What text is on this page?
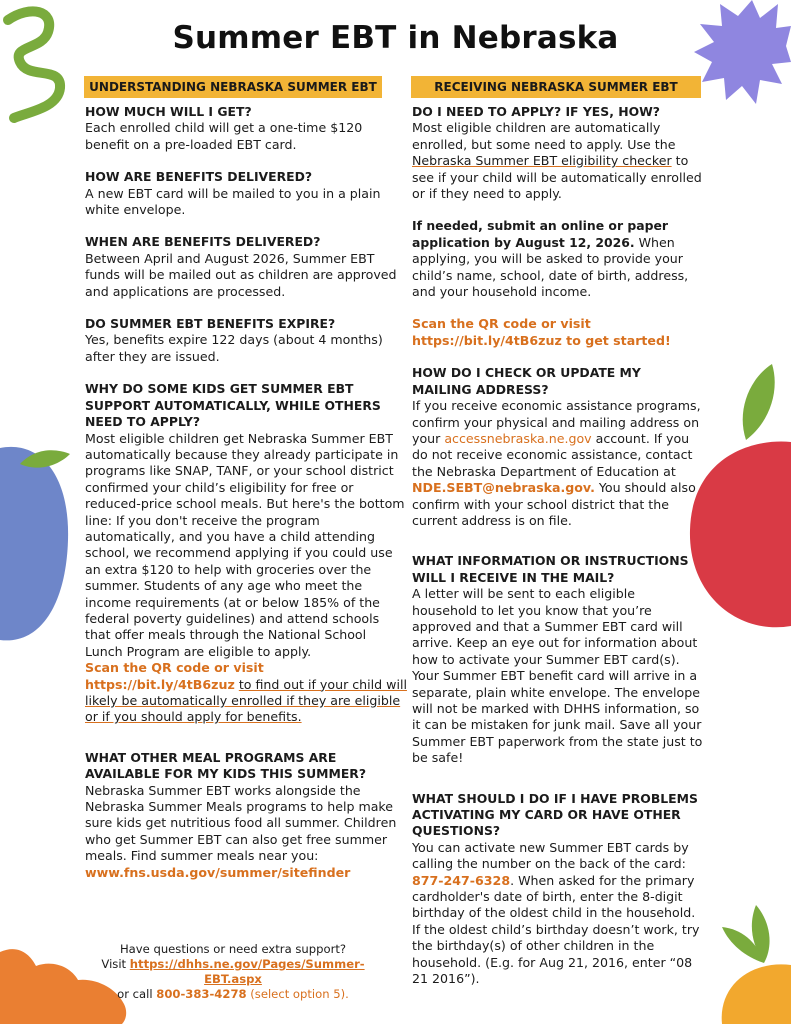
Summer EBT in Nebraska
UNDERSTANDING NEBRASKA SUMMER EBT	RECEIVING NEBRASKA SUMMER EBT

HOW MUCH WILL I GET?

Each enrolled child will get a one-time $120 benefit on a pre-loaded EBT card.

HOW ARE BENEFITS DELIVERED?

A new EBT card will be mailed to you in a plain white envelope.

WHEN ARE BENEFITS DELIVERED?

Between April and August 2026, Summer EBT funds will be mailed out as children are approved and applications are processed.

DO SUMMER EBT BENEFITS EXPIRE?

Yes, benefits expire 122 days (about 4 months) after they are issued.

WHY DO SOME KIDS GET SUMMER EBT SUPPORT AUTOMATICALLY, WHILE OTHERS NEED TO APPLY?

Most eligible children get Nebraska Summer EBT automatically because they already participate in programs like SNAP, TANF, or your school district confirmed your child’s eligibility for free or reduced-price school meals. But here's the bottom line: If you don't receive the program automatically, and you have a child attending school, we recommend applying if you could use an extra $120 to help with groceries over the summer. Students of any age who meet the income requirements (at or below 185% of the federal poverty guidelines) and attend schools that offer meals through the National School Lunch Program are eligible to apply.

Scan the QR code or visit https://bit.ly/4tB6zuz to find out if your child will likely be automatically enrolled if they are eligible or if you should apply for benefits.

WHAT OTHER MEAL PROGRAMS ARE AVAILABLE FOR MY KIDS THIS SUMMER?

Nebraska Summer EBT works alongside the Nebraska Summer Meals programs to help make sure kids get nutritious food all summer. Children who get Summer EBT can also get free summer meals. Find summer meals near you:

www.fns.usda.gov/summer/sitefinder

DO I NEED TO APPLY? IF YES, HOW?

Most eligible children are automatically enrolled, but some need to apply. Use the Nebraska Summer EBT eligibility checker to see if your child will be automatically enrolled or if they need to apply.

If needed, submit an online or paper application by August 12, 2026. When applying, you will be asked to provide your child’s name, school, date of birth, address, and your household income.

Scan the QR code or visit https://bit.ly/4tB6zuz to get started!

HOW DO I CHECK OR UPDATE MY MAILING ADDRESS?

If you receive economic assistance programs, confirm your physical and mailing address on your accessnebraska.ne.gov account. If you do not receive economic assistance, contact the Nebraska Department of Education at NDE.SEBT@nebraska.gov. You should also confirm with your school district that the current address is on file.

WHAT INFORMATION OR INSTRUCTIONS WILL I RECEIVE IN THE MAIL?

A letter will be sent to each eligible household to let you know that you’re approved and that a Summer EBT card will arrive. Keep an eye out for information about how to activate your Summer EBT card(s). Your Summer EBT benefit card will arrive in a separate, plain white envelope. The envelope will not be marked with DHHS information, so it can be mistaken for junk mail. Save all your Summer EBT paperwork from the state just to be safe!

WHAT SHOULD I DO IF I HAVE PROBLEMS ACTIVATING MY CARD OR HAVE OTHER QUESTIONS?

You can activate new Summer EBT cards by calling the number on the back of the card: 877-247-6328. When asked for the primary cardholder's date of birth, enter the 8-digit birthday of the oldest child in the household. If the oldest child’s birthday doesn’t work, try the birthday(s) of other children in the household. (E.g. for Aug 21, 2016, enter “08 21 2016”).

Have questions or need extra support?
Visit https://dhhs.ne.gov/Pages/Summer-EBT.aspx
or call 800-383-4278 (select option 5).
